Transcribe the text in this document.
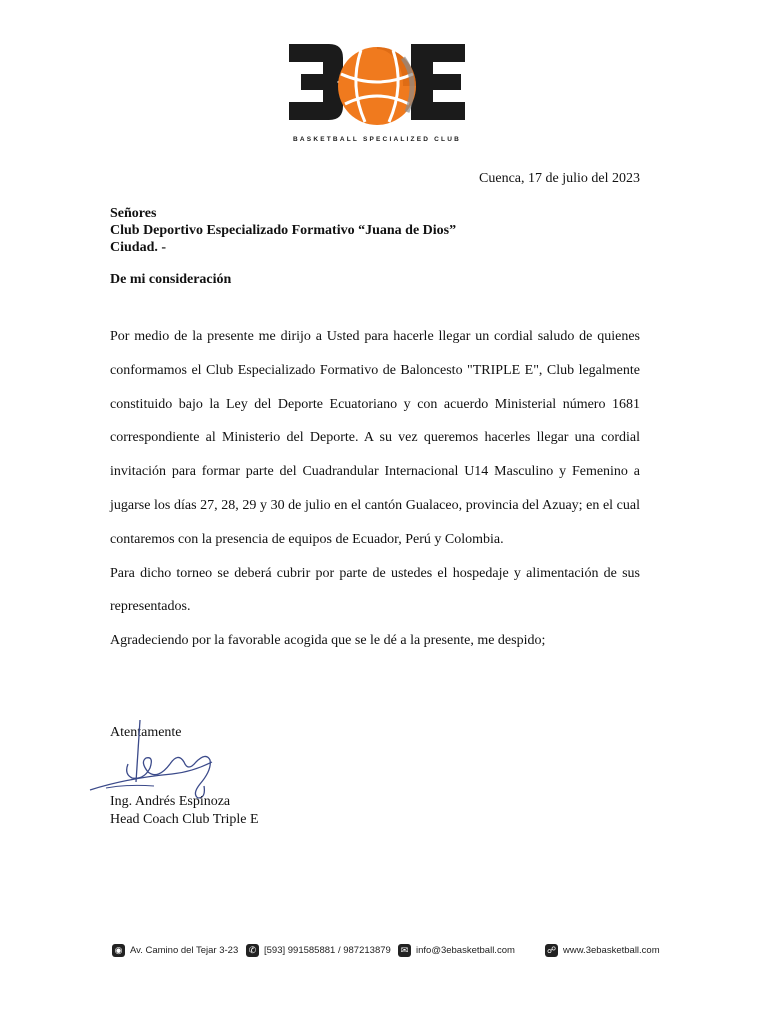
BASKETBALL SPECIALIZED CLUB
Cuenca, 17 de julio del 2023
Señores
Club Deportivo Especializado Formativo “Juana de Dios”
Ciudad. -
De mi consideración

Por medio de la presente me dirijo a Usted para hacerle llegar un cordial saludo de quienes conformamos el Club Especializado Formativo de Baloncesto "TRIPLE E", Club legalmente constituido bajo la Ley del Deporte Ecuatoriano y con acuerdo Ministerial número 1681 correspondiente al Ministerio del Deporte. A su vez queremos hacerles llegar una cordial invitación para formar parte del Cuadrandular Internacional U14 Masculino y Femenino a jugarse los días 27, 28, 29 y 30 de julio en el cantón Gualaceo, provincia del Azuay; en el cual contaremos con la presencia de equipos de Ecuador, Perú y Colombia.

Para dicho torneo se deberá cubrir por parte de ustedes el hospedaje y alimentación de sus representados.

Agradeciendo por la favorable acogida que se le dé a la presente, me despido;

Atentamente
Ing. Andrés Espinoza
Head Coach Club Triple E
◉ Av. Camino del Tejar 3-23	✆ [593] 991585881 / 987213879	✉ info@3ebasketball.com	☍ www.3ebasketball.com
